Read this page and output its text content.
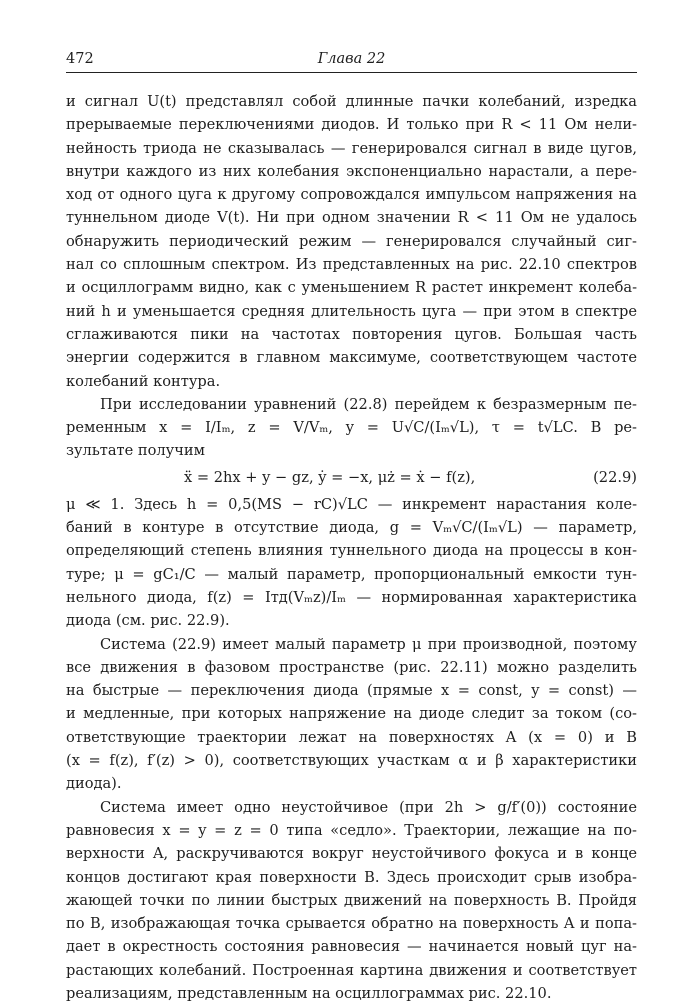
472	Глава 22
и сигнал U(t) представлял собой длинные пачки колебаний, изредка
прерываемые переключениями диодов. И только при R < 11 Ом нели-
нейность триода не сказывалась — генерировался сигнал в виде цугов,
внутри каждого из них колебания экспоненциально нарастали, а пере-
ход от одного цуга к другому сопровождался импульсом напряжения на
туннельном диоде V(t). Ни при одном значении R < 11 Ом не удалось
обнаружить периодический режим — генерировался случайный сиг-
нал со сплошным спектром. Из представленных на рис. 22.10 спектров
и осциллограмм видно, как с уменьшением R растет инкремент колеба-
ний h и уменьшается средняя длительность цуга — при этом в спектре
сглаживаются пики на частотах повторения цугов. Большая часть
энергии содержится в главном максимуме, соответствующем частоте
колебаний контура.
При исследовании уравнений (22.8) перейдем к безразмерным пе-
ременным x = I/Iₘ, z = V/Vₘ, y = U√C/(Iₘ√L), τ = t√LC. В ре-
зультате получим
ẍ = 2hx + y − gz, ẏ = −x, μż = ẋ − f(z),	(22.9)
μ ≪ 1. Здесь h = 0,5(MS − rC)√LC — инкремент нарастания коле-
баний в контуре в отсутствие диода, g = Vₘ√C/(Iₘ√L) — параметр,
определяющий степень влияния туннельного диода на процессы в кон-
туре; μ = gC₁/C — малый параметр, пропорциональный емкости тун-
нельного диода, f(z) = Iтд(Vₘz)/Iₘ — нормированная характеристика
диода (см. рис. 22.9).
Система (22.9) имеет малый параметр μ при производной, поэтому
все движения в фазовом пространстве (рис. 22.11) можно разделить
на быстрые — переключения диода (прямые x = const, y = const) —
и медленные, при которых напряжение на диоде следит за током (со-
ответствующие траектории лежат на поверхностях A (x = 0) и B
(x = f(z), f′(z) > 0), соответствующих участкам α и β характеристики
диода).
Система имеет одно неустойчивое (при 2h > g/f′(0)) состояние
равновесия x = y = z = 0 типа «седло». Траектории, лежащие на по-
верхности A, раскручиваются вокруг неустойчивого фокуса и в конце
концов достигают края поверхности B. Здесь происходит срыв изобра-
жающей точки по линии быстрых движений на поверхность B. Пройдя
по B, изображающая точка срывается обратно на поверхность A и попа-
дает в окрестность состояния равновесия — начинается новый цуг на-
растающих колебаний. Построенная картина движения и соответствует
реализациям, представленным на осциллограммах рис. 22.10.
